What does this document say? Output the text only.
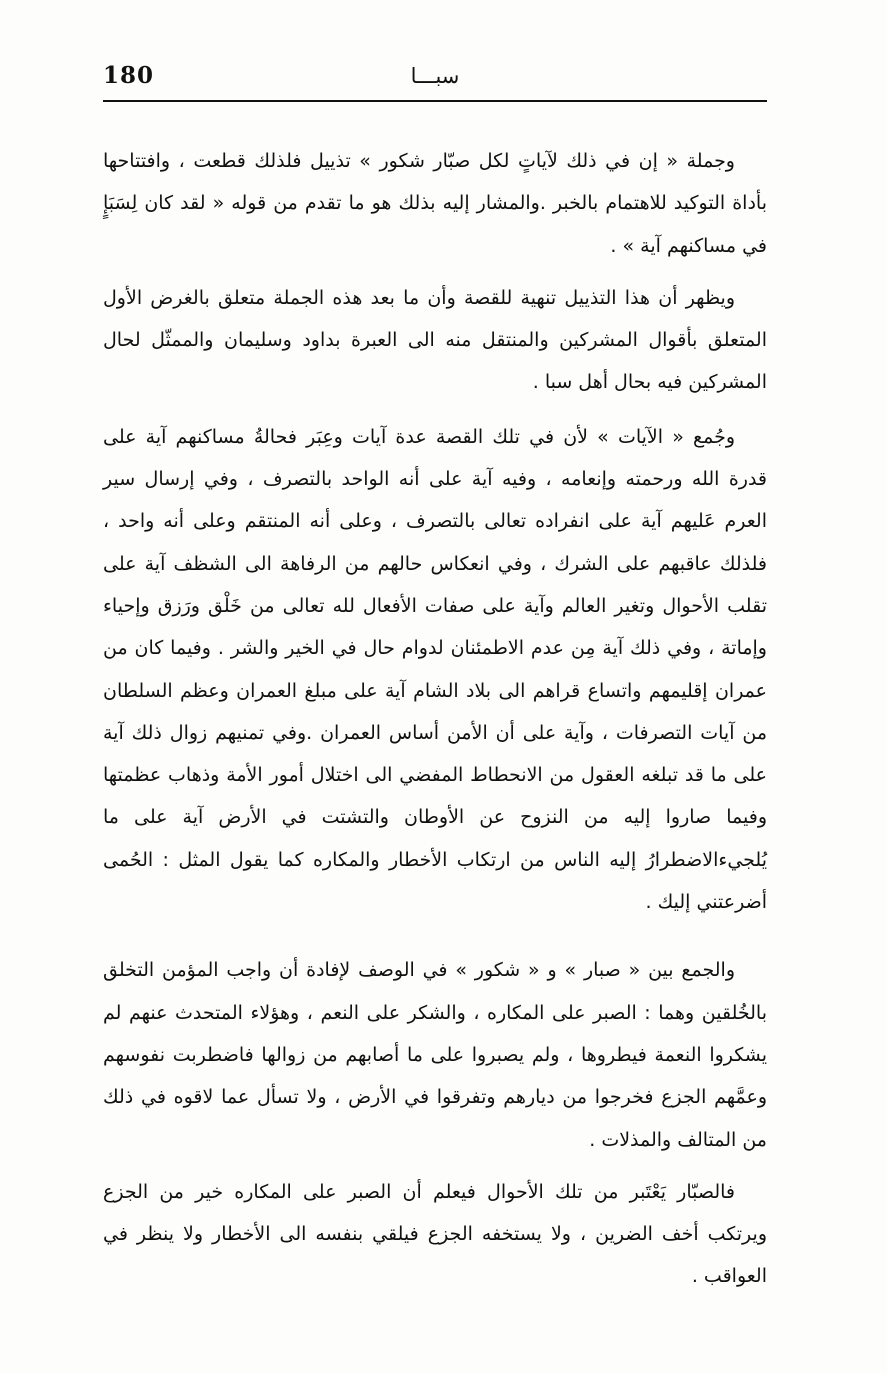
180	سبـــا

وجملة « إن في ذلك لآياتٍ لكل صبّار شكور » تذييل فلذلك قطعت ، وافتتاحها بأداة التوكيد للاهتمام بالخبر .والمشار إليه بذلك هو ما تقدم من قوله « لقد كان لِسَبَإٍ في مساكنهم آية » .

ويظهر أن هذا التذييل تنهية للقصة وأن ما بعد هذه الجملة متعلق بالغرض الأول المتعلق بأقوال المشركين والمنتقل منه الى العبرة بداود وسليمان والممثّل لحال المشركين فيه بحال أهل سبا .

وجُمع « الآيات » لأن في تلك القصة عدة آيات وعِبَر فحالةُ مساكنهم آية على قدرة الله ورحمته وإنعامه ، وفيه آية على أنه الواحد بالتصرف ، وفي إرسال سير العرم عَليهم آية على انفراده تعالى بالتصرف ، وعلى أنه المنتقم وعلى أنه واحد ، فلذلك عاقبهم على الشرك ، وفي انعكاس حالهم من الرفاهة الى الشظف آية على تقلب الأحوال وتغير العالم وآية على صفات الأفعال لله تعالى من خَلْق ورَزق وإحياء وإماتة ، وفي ذلك آية مِن عدم الاطمئنان لدوام حال في الخير والشر . وفيما كان من عمران إقليمهم واتساع قراهم الى بلاد الشام آية على مبلغ العمران وعظم السلطان من آيات التصرفات ، وآية على أن الأمن أساس العمران .وفي تمنيهم زوال ذلك آية على ما قد تبلغه العقول من الانحطاط المفضي الى اختلال أمور الأمة وذهاب عظمتها وفيما صاروا إليه من النزوح عن الأوطان والتشتت في الأرض آية على ما يُلجيءالاضطرارُ إليه الناس من ارتكاب الأخطار والمكاره كما يقول المثل : الحُمى أضرعتني إليك .

والجمع بين « صبار » و « شكور » في الوصف لإفادة أن واجب المؤمن التخلق بالخُلقين وهما : الصبر على المكاره ، والشكر على النعم ، وهؤلاء المتحدث عنهم لم يشكروا النعمة فيطروها ، ولم يصبروا على ما أصابهم من زوالها فاضطربت نفوسهم وعمَّهم الجزع فخرجوا من ديارهم وتفرقوا في الأرض ، ولا تسأل عما لاقوه في ذلك من المتالف والمذلات .

فالصبّار يَعْتَبر من تلك الأحوال فيعلم أن الصبر على المكاره خير من الجزع ويرتكب أخف الضرين ، ولا يستخفه الجزع فيلقي بنفسه الى الأخطار ولا ينظر في العواقب .
